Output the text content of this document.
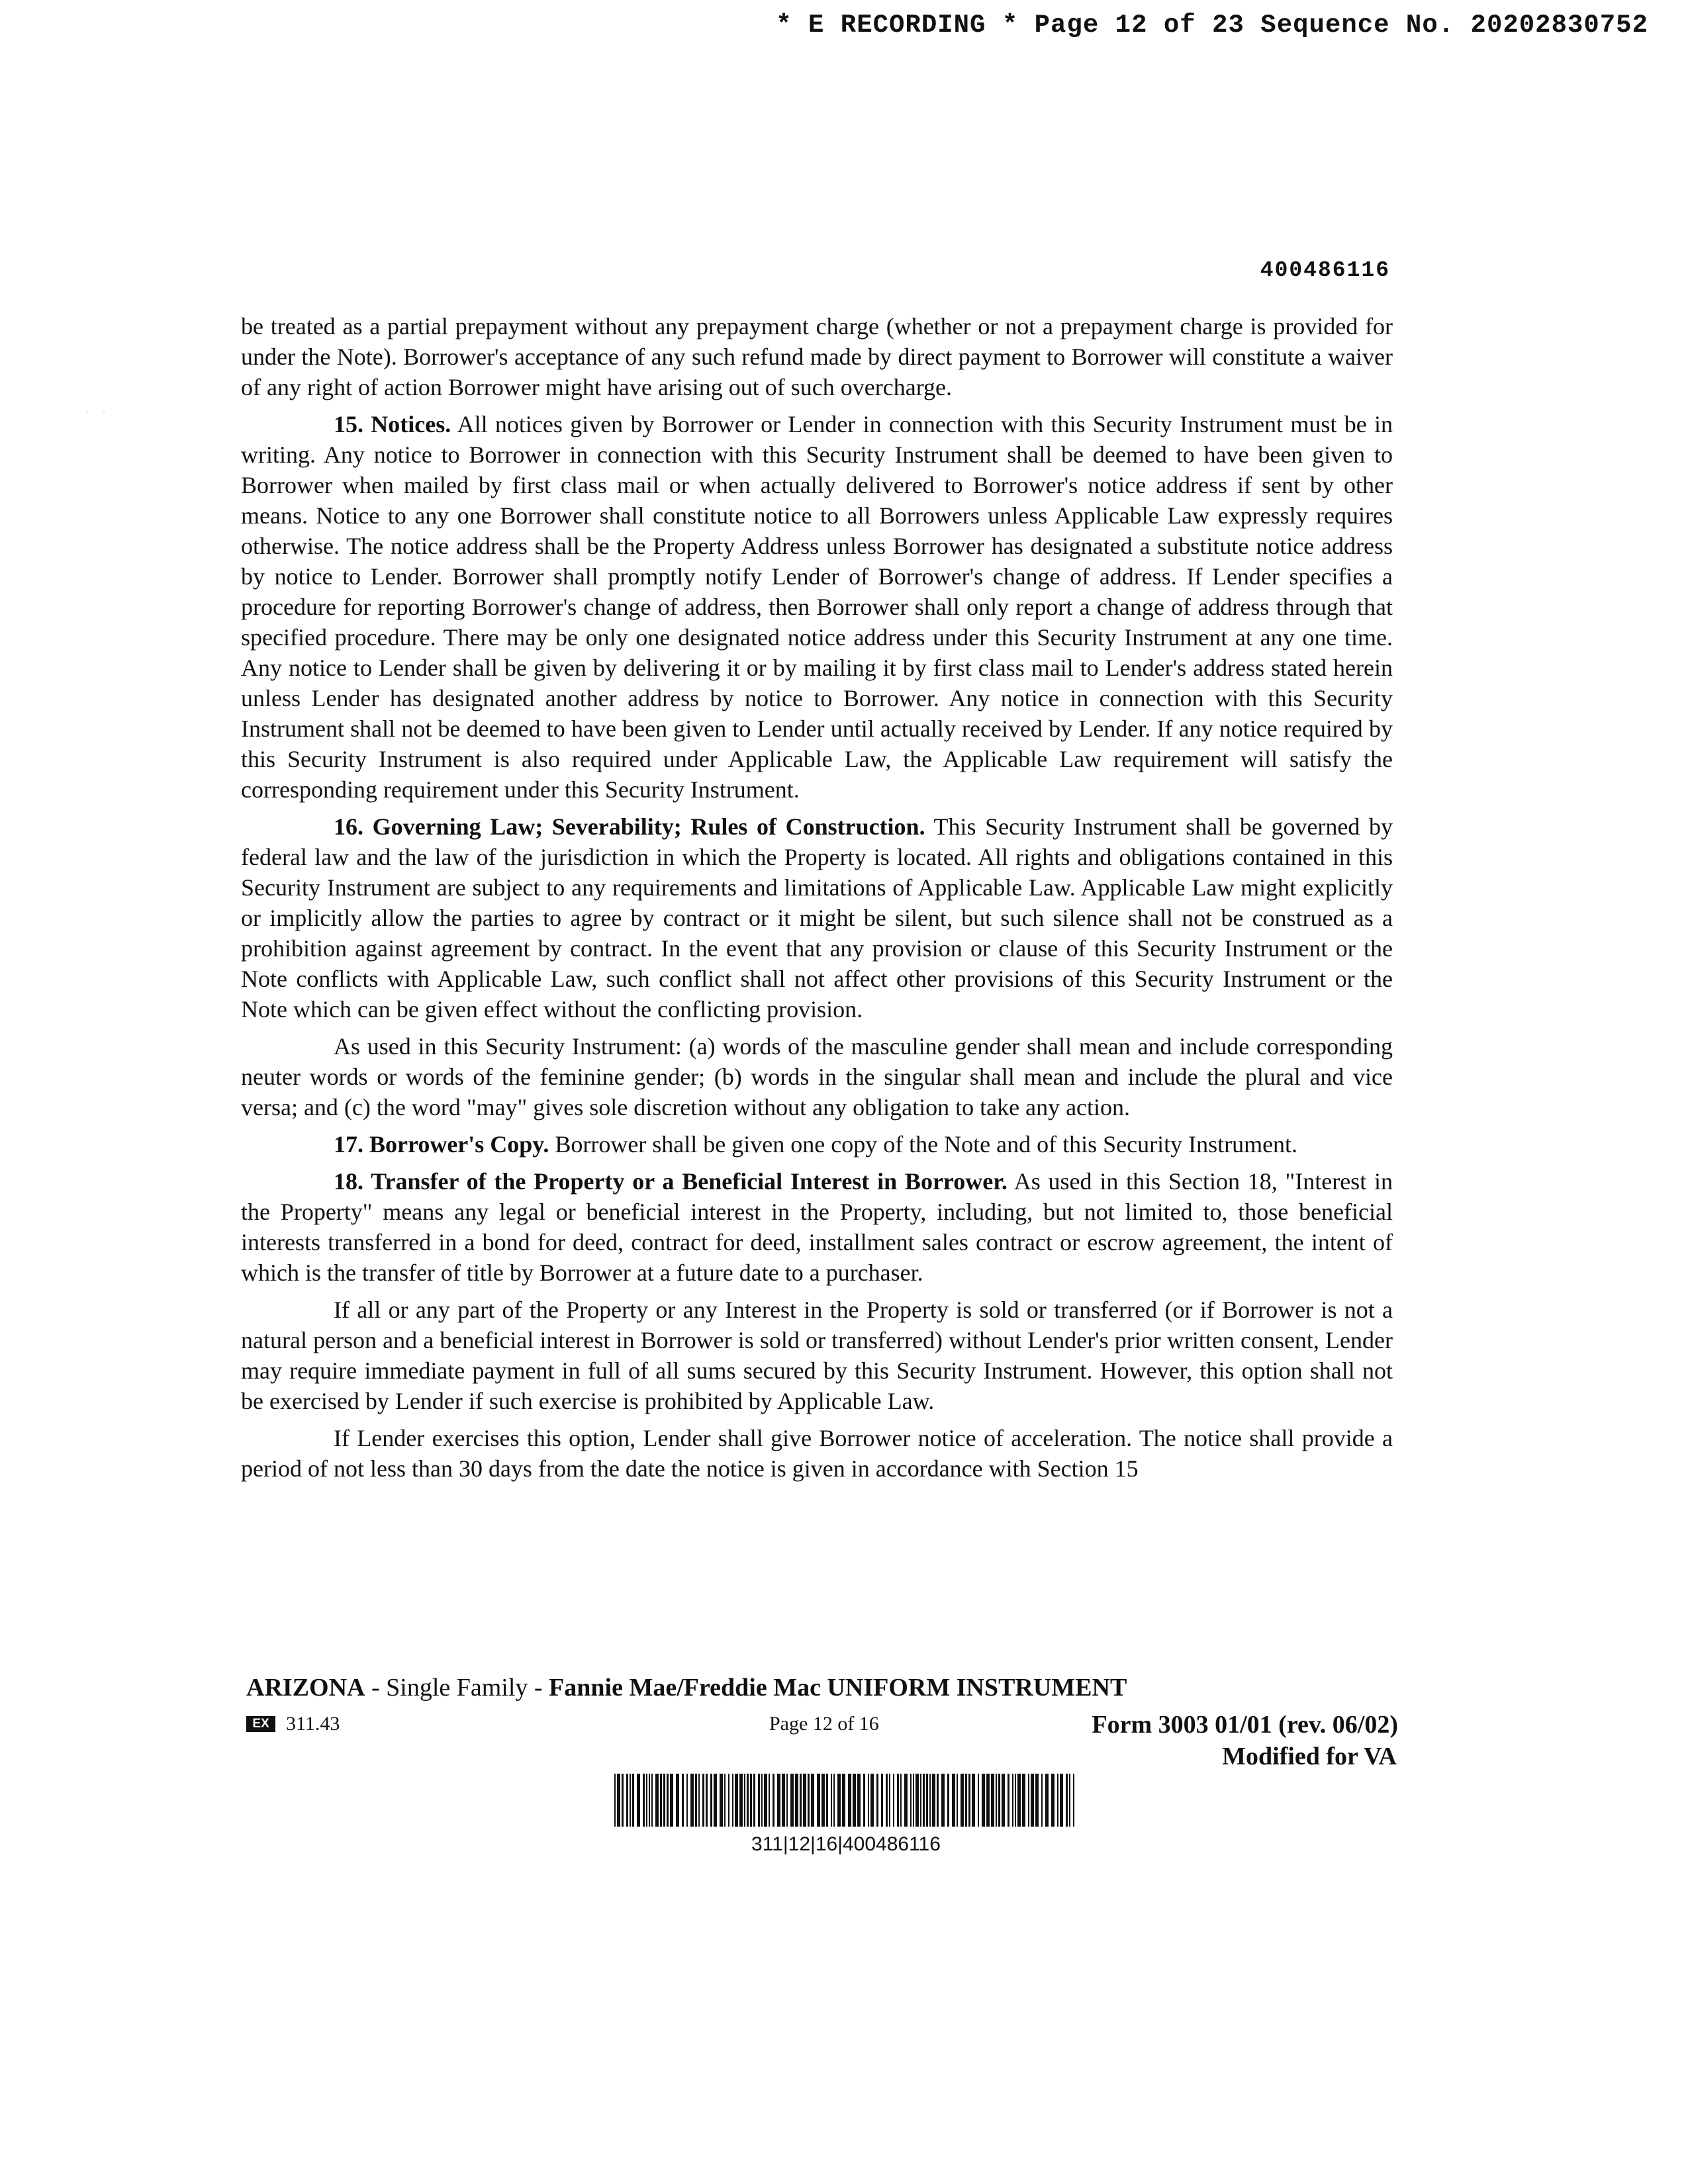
* E RECORDING * Page 12 of 23 Sequence No. 20202830752
400486116
··

be treated as a partial prepayment without any prepayment charge (whether or not a prepayment charge is provided for under the Note). Borrower's acceptance of any such refund made by direct payment to Borrower will constitute a waiver of any right of action Borrower might have arising out of such overcharge.

15. Notices. All notices given by Borrower or Lender in connection with this Security Instrument must be in writing. Any notice to Borrower in connection with this Security Instrument shall be deemed to have been given to Borrower when mailed by first class mail or when actually delivered to Borrower's notice address if sent by other means. Notice to any one Borrower shall constitute notice to all Borrowers unless Applicable Law expressly requires otherwise. The notice address shall be the Property Address unless Borrower has designated a substitute notice address by notice to Lender. Borrower shall promptly notify Lender of Borrower's change of address. If Lender specifies a procedure for reporting Borrower's change of address, then Borrower shall only report a change of address through that specified procedure. There may be only one designated notice address under this Security Instrument at any one time. Any notice to Lender shall be given by delivering it or by mailing it by first class mail to Lender's address stated herein unless Lender has designated another address by notice to Borrower. Any notice in connection with this Security Instrument shall not be deemed to have been given to Lender until actually received by Lender. If any notice required by this Security Instrument is also required under Applicable Law, the Applicable Law requirement will satisfy the corresponding requirement under this Security Instrument.

16. Governing Law; Severability; Rules of Construction. This Security Instrument shall be governed by federal law and the law of the jurisdiction in which the Property is located. All rights and obligations contained in this Security Instrument are subject to any requirements and limitations of Applicable Law. Applicable Law might explicitly or implicitly allow the parties to agree by contract or it might be silent, but such silence shall not be construed as a prohibition against agreement by contract. In the event that any provision or clause of this Security Instrument or the Note conflicts with Applicable Law, such conflict shall not affect other provisions of this Security Instrument or the Note which can be given effect without the conflicting provision.

As used in this Security Instrument: (a) words of the masculine gender shall mean and include corresponding neuter words or words of the feminine gender; (b) words in the singular shall mean and include the plural and vice versa; and (c) the word "may" gives sole discretion without any obligation to take any action.

17. Borrower's Copy. Borrower shall be given one copy of the Note and of this Security Instrument.

18. Transfer of the Property or a Beneficial Interest in Borrower. As used in this Section 18, "Interest in the Property" means any legal or beneficial interest in the Property, including, but not limited to, those beneficial interests transferred in a bond for deed, contract for deed, installment sales contract or escrow agreement, the intent of which is the transfer of title by Borrower at a future date to a purchaser.

If all or any part of the Property or any Interest in the Property is sold or transferred (or if Borrower is not a natural person and a beneficial interest in Borrower is sold or transferred) without Lender's prior written consent, Lender may require immediate payment in full of all sums secured by this Security Instrument. However, this option shall not be exercised by Lender if such exercise is prohibited by Applicable Law.

If Lender exercises this option, Lender shall give Borrower notice of acceleration. The notice shall provide a period of not less than 30 days from the date the notice is given in accordance with Section 15

ARIZONA - Single Family - Fannie Mae/Freddie Mac UNIFORM INSTRUMENT
EX 311.43	Page 12 of 16	Form 3003 01/01 (rev. 06/02)
Modified for VA
311|12|16|400486116
